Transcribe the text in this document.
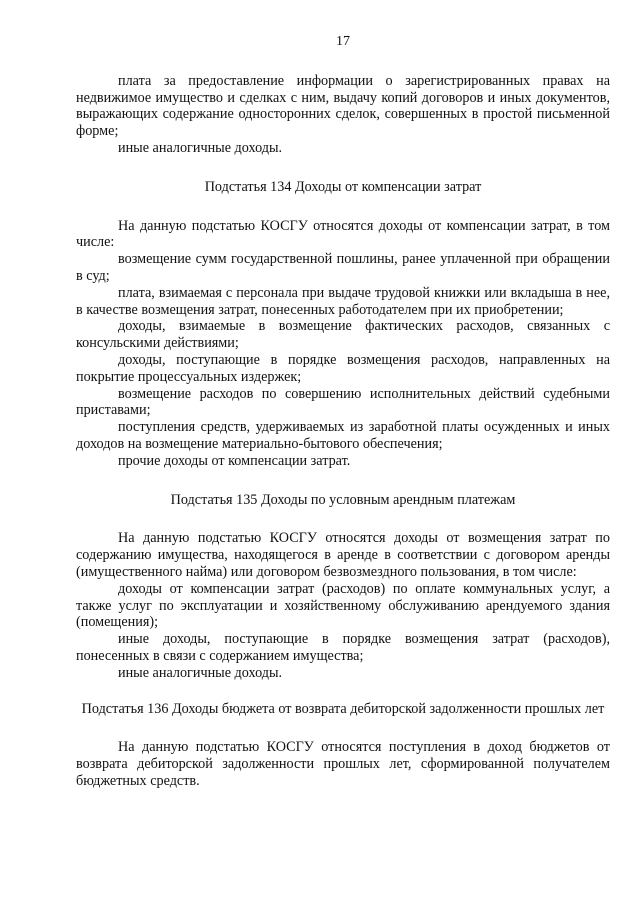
17

плата за предоставление информации о зарегистрированных правах на недвижимое имущество и сделках с ним, выдачу копий договоров и иных документов, выражающих содержание односторонних сделок, совершенных в простой письменной форме;

иные аналогичные доходы.

Подстатья 134 Доходы от компенсации затрат

На данную подстатью КОСГУ относятся доходы от компенсации затрат, в том числе:

возмещение сумм государственной пошлины, ранее уплаченной при обращении в суд;

плата, взимаемая с персонала при выдаче трудовой книжки или вкладыша в нее, в качестве возмещения затрат, понесенных работодателем при их приобретении;

доходы, взимаемые в возмещение фактических расходов, связанных с консульскими действиями;

доходы, поступающие в порядке возмещения расходов, направленных на покрытие процессуальных издержек;

возмещение расходов по совершению исполнительных действий судебными приставами;

поступления средств, удерживаемых из заработной платы осужденных и иных доходов на возмещение материально-бытового обеспечения;

прочие доходы от компенсации затрат.

Подстатья 135 Доходы по условным арендным платежам

На данную подстатью КОСГУ относятся доходы от возмещения затрат по содержанию имущества, находящегося в аренде в соответствии с договором аренды (имущественного найма) или договором безвозмездного пользования, в том числе:

доходы от компенсации затрат (расходов) по оплате коммунальных услуг, а также услуг по эксплуатации и хозяйственному обслуживанию арендуемого здания (помещения);

иные доходы, поступающие в порядке возмещения затрат (расходов), понесенных в связи с содержанием имущества;

иные аналогичные доходы.

Подстатья 136 Доходы бюджета от возврата дебиторской задолженности прошлых лет

На данную подстатью КОСГУ относятся поступления в доход бюджетов от возврата дебиторской задолженности прошлых лет, сформированной получателем бюджетных средств.
